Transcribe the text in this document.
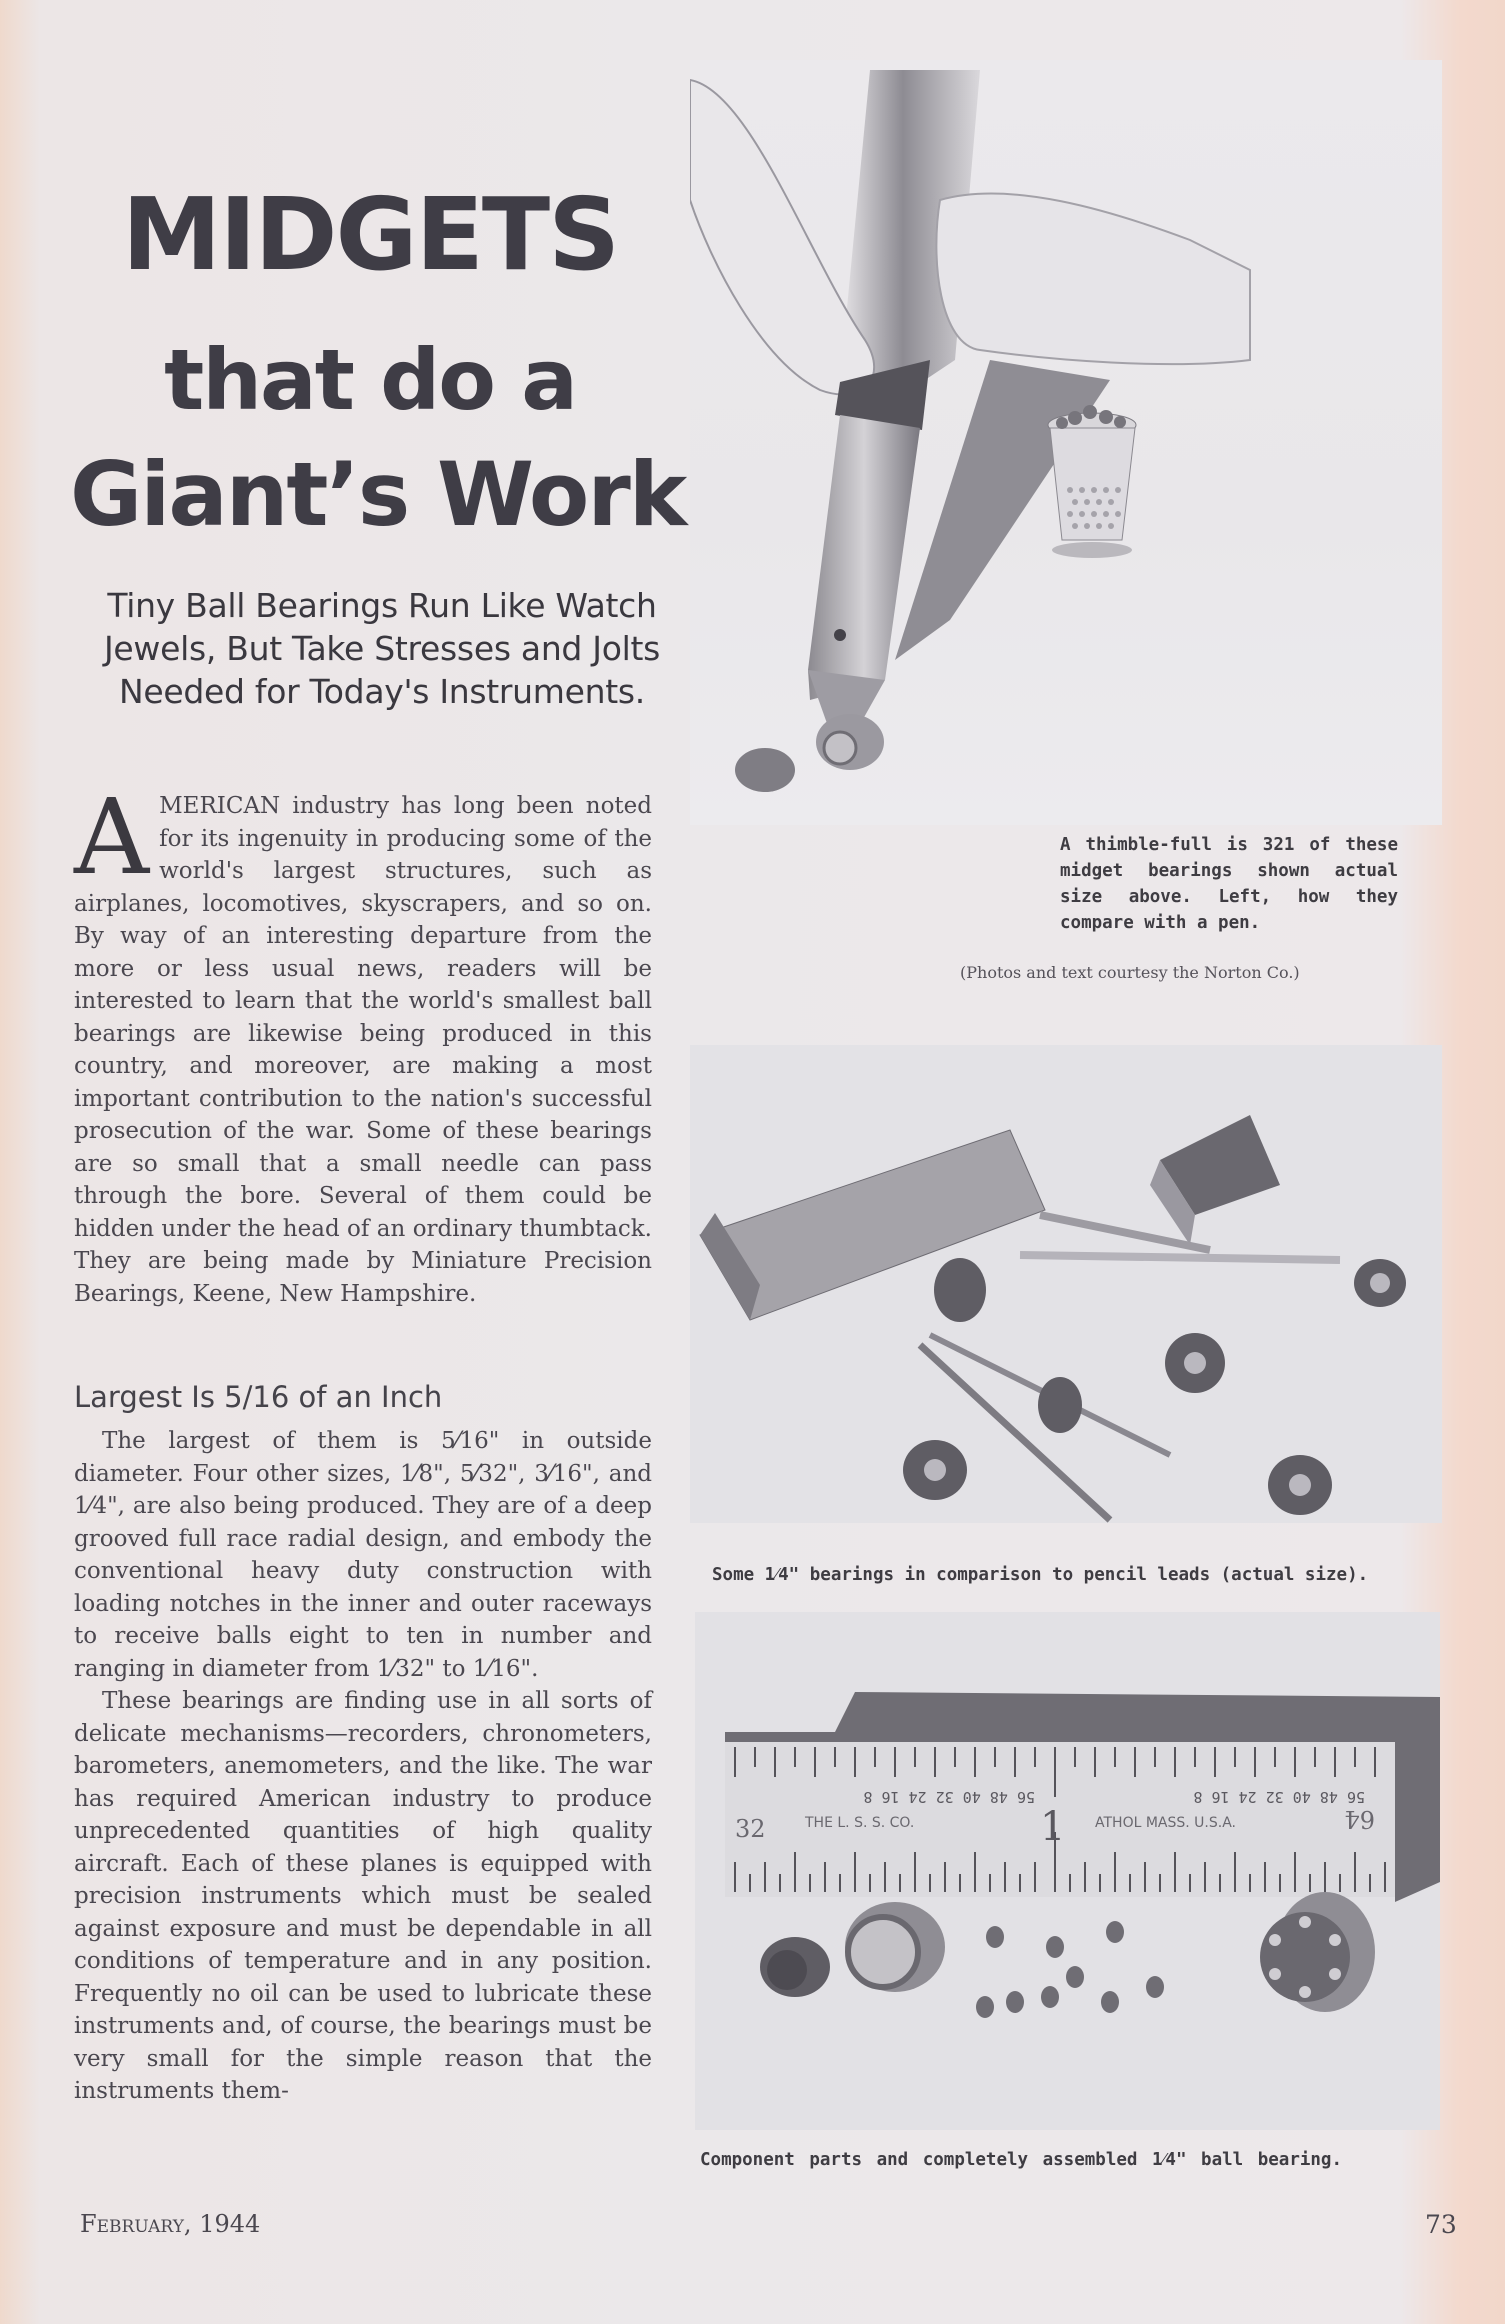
MIDGETS
that do a
Giant’s Work
Tiny Ball Bearings Run Like Watch Jewels, But Take Stresses and Jolts Needed for Today's Instruments.
AMERICAN industry has long been noted for its ingenuity in producing some of the world's largest structures, such as airplanes, locomotives, skyscrapers, and so on. By way of an interesting departure from the more or less usual news, readers will be interested to learn that the world's smallest ball bearings are likewise being produced in this country, and moreover, are making a most important contribution to the nation's successful prosecution of the war. Some of these bearings are so small that a small needle can pass through the bore. Several of them could be hidden under the head of an ordinary thumbtack. They are being made by Miniature Precision Bearings, Keene, New Hampshire.
Largest Is 5/16 of an Inch

The largest of them is 5⁄16" in outside diameter. Four other sizes, 1⁄8", 5⁄32", 3⁄16", and 1⁄4", are also being produced. They are of a deep grooved full race radial design, and embody the conventional heavy duty construction with loading notches in the inner and outer raceways to receive balls eight to ten in number and ranging in diameter from 1⁄32" to 1⁄16".

These bearings are finding use in all sorts of delicate mechanisms—recorders, chronometers, barometers, anemometers, and the like. The war has required American industry to produce unprecedented quantities of high quality aircraft. Each of these planes is equipped with precision instruments which must be sealed against exposure and must be dependable in all conditions of temperature and in any position. Frequently no oil can be used to lubricate these instruments and, of course, the bearings must be very small for the simple reason that the instruments them-

A thimble-full is 321 of these midget bearings shown actual size above. Left, how they compare with a pen.
(Photos and text courtesy the Norton Co.)
Some 1⁄4" bearings in comparison to pencil leads (actual size).
56 48 40 32 24 16 8	56 48 40 32 24 16 8
32	THE L. S. S. CO.	1 ATHOL MASS. U.S.A.	64
Component parts and completely assembled 1⁄4" ball bearing.
February, 1944	73
